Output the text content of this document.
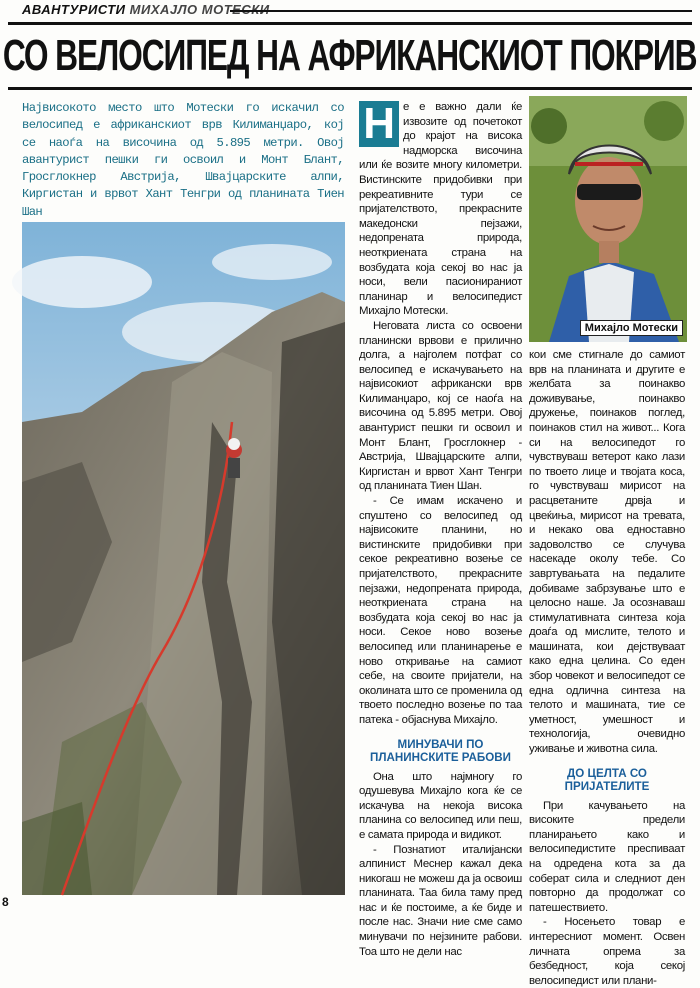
АВАНТУРИСТИ МИХАЈЛО МОТЕСКИ
СО ВЕЛОСИПЕД НА АФРИКАНСКИОТ ПОКРИВ
Највисокото место што Мотески го искачил со велосипед е африканскиот врв Килиманџаро, кој се наоѓа на височина од 5.895 метри. Овој авантурист пешки ги освоил и Монт Блант, Гросглокнер Австрија, Швајцарските алпи, Киргистан и врвот Хант Тенгри од планината Тиен Шан
Н е е важно дали ќе извозите од почетокот до крајот на висока надморска височина или ќе возите многу километри. Вистинските придобивки при рекреативните тури се пријателството, прекрасните македонски пејзажи, недопрената природа, неоткриената страна на возбудата која секој во нас ја носи, вели пасионираниот планинар и велосипедист Михајло Мотески.

Неговата листа со освоени планински врвови е прилично долга, а најголем потфат со велосипед е искачувањето на највисокиот африкански врв Килиманџаро, кој се наоѓа на височина од 5.895 метри. Овој авантурист пешки ги освоил и Монт Блант, Гросглокнер - Австрија, Швајцарските алпи, Киргистан и врвот Хант Тенгри од планината Тиен Шан.

- Се имам искачено и спуштено со велосипед од највисоките планини, но вистинските придобивки при секое рекреативно возење се пријателството, прекрасните пејзажи, недопрената природа, неоткриената страна на возбудата која секој во нас ја носи. Секое ново возење велосипед или планинарење е ново откривање на самиот себе, на своите пријатели, на околината што се променила од твоето последно возење по таа патека - објаснува Михајло.

МИНУВАЧИ ПО ПЛАНИНСКИТЕ РАБОВИ

Она што најмногу го одушевува Михајло кога ќе се искачува на некоја висока планина со велосипед или пеш, е самата природа и видикот.

- Познатиот италијански алпинист Меснер кажал дека никогаш не можеш да ја освоиш планината. Таа била таму пред нас и ќе постоиме, а ќе биде и после нас. Значи ние сме само минувачи по нејзините рабови. Тоа што не дели нас

Михајло Мотески

кои сме стигнале до самиот врв на планината и другите е желбата за поинакво доживување, поинакво дружење, поинаков поглед, поинаков стил на живот... Кога си на велосипедот го чувствуваш ветерот како лази по твоето лице и твојата коса, го чувствуваш мирисот на расцветаните дрвја и цвеќиња, мирисот на тревата, и некако ова едноставно задоволство се случува насекаде околу тебе. Со завртувањата на педалите добиваме забрзување што е целосно наше. Ја осознаваш стимулативната синтеза која доаѓа од мислите, телото и машината, кои дејствуваат како една целина. Со еден збор човекот и велосипедот се една одлична синтеза на телото и машината, тие се уметност, умешност и технологија, очевидно уживање и животна сила.

ДО ЦЕЛТА СО ПРИЈАТЕЛИТЕ

При качувањето на високите предели планирањето како и велосипедистите преспиваат на одредена кота за да соберат сила и следниот ден повторно да продолжат со патешествието.

- Носењето товар е интересниот момент. Освен личната опрема за безбедност, која секој велосипедист или плани-

8
